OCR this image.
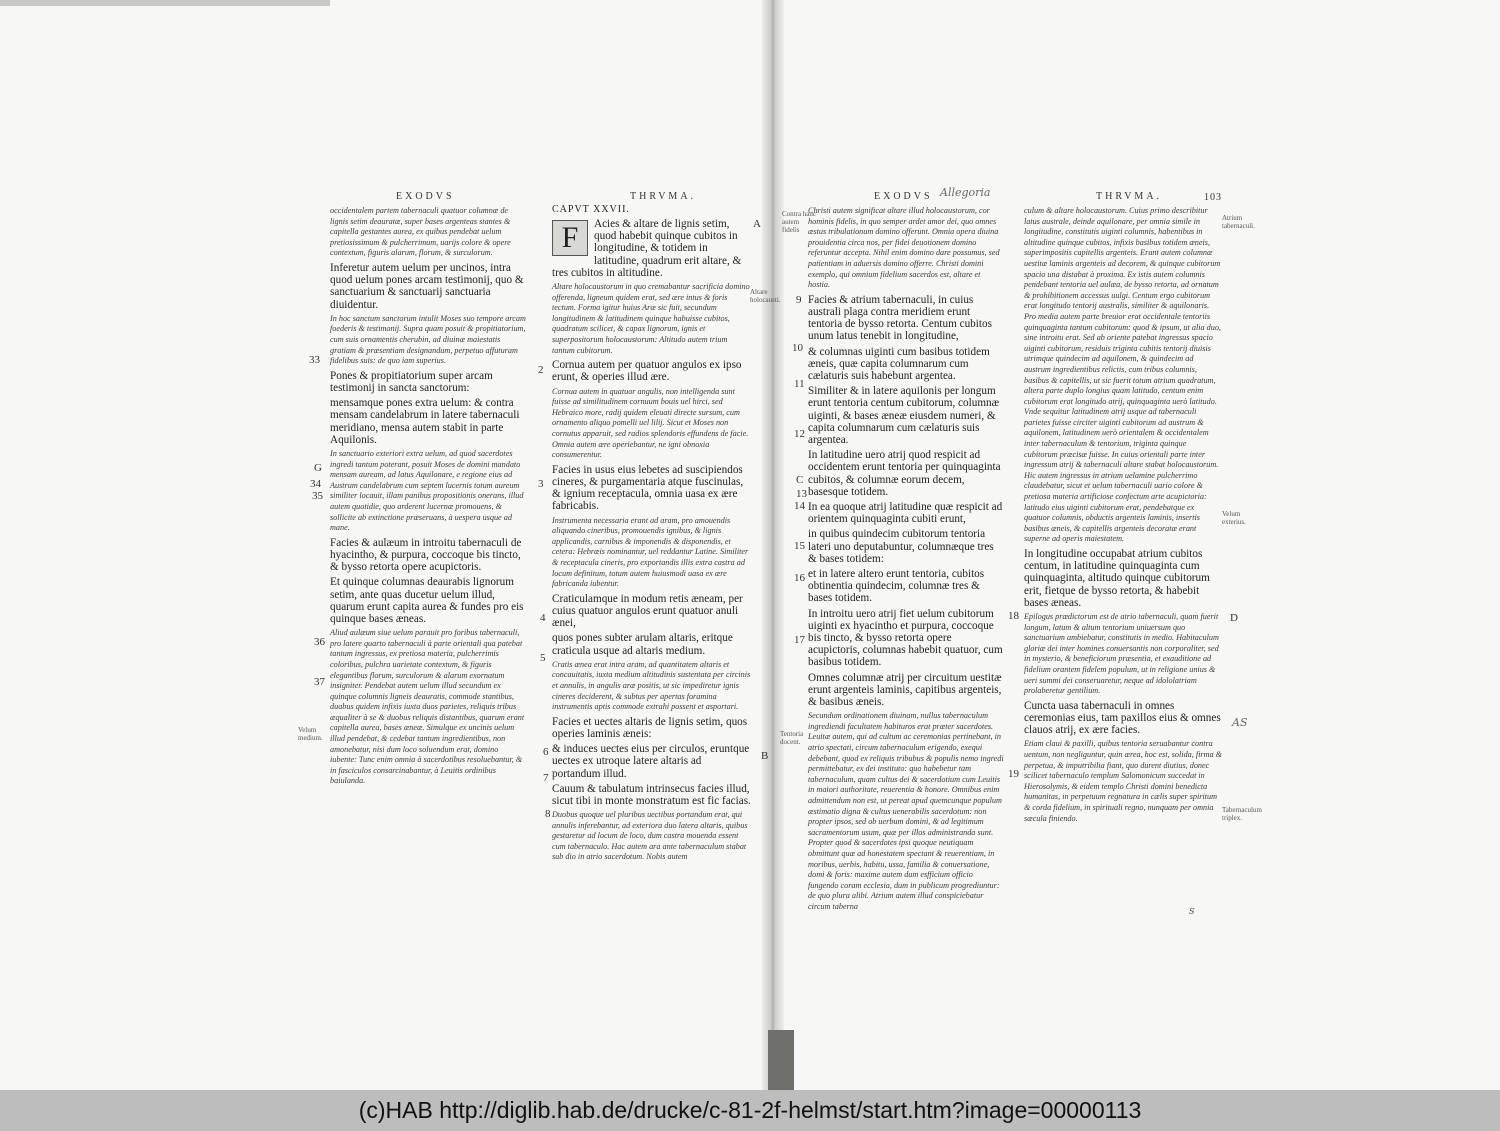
EXODVS	THRVMA.

occidentalem partem tabernaculi quatuor columnæ de lignis setim deauratæ, super bases argenteas stantes & capitella gestantes aurea, ex quibus pendebat uelum pretiosissimum & pulcherrimum, uarijs colore & opere contextum, figuris alarum, florum, & surculorum.

Inferetur autem uelum per uncinos, intra quod uelum pones arcam testimonij, quo & sanctuarium & sanctuarij sanctuaria diuidentur.

In hoc sanctum sanctorum intulit Moses suo tempore arcam foederis & testimonij. Supra quam posuit & propitiatorium, cum suis ornamentis cherubin, ad diuinæ maiestatis gratiam & præsentiam designandum, perpetuo affuturam fidelibus suis: de quo iam superius.

Pones & propitiatorium super arcam testimonij in sancta sanctorum:

mensamque pones extra uelum: & contra mensam candelabrum in latere tabernaculi meridiano, mensa autem stabit in parte Aquilonis.

In sanctuario exteriori extra uelum, ad quod sacerdotes ingredi tantum poterant, posuit Moses de domini mandato mensam auream, ad latus Aquilonare, e regione eius ad Austrum candelabrum cum septem lucernis totum aureum similiter locauit, illam panibus propositionis onerans, illud autem quotidie, quo arderent lucernæ promouens, & sollicite ab extinctione præseruans, à uespera usque ad mane.

Facies & aulæum in introitu tabernaculi de hyacintho, & purpura, coccoque bis tincto, & bysso retorta opere acupictoris.

Et quinque columnas deaurabis lignorum setim, ante quas ducetur uelum illud, quarum erunt capita aurea & fundes pro eis quinque bases æneas.

Aliud aulæum siue uelum parauit pro foribus tabernaculi, pro latere quarto tabernaculi à parte orientali qua patebat tantum ingressus, ex pretiosa materia, pulcherrimis coloribus, pulchra uarietate contextum, & figuris elegantibus florum, surculorum & alarum exornatum insigniter. Pendebat autem uelum illud secundum ex quinque columnis ligneis deauratis, commode stantibus, duabus quidem infixis iuxta duos parietes, reliquis tribus æqualiter à se & duobus reliquis distantibus, quarum erant capitella aurea, bases æneæ. Simulque ex uncinis uelum illud pendebat, & cedebat tantum ingredientibus, non amonebatur, nisi dum loco soluendum erat, domino iubente: Tunc enim omnia à sacerdotibus resoluebantur, & in fasciculos consarcinabantur, à Leuitis ordinibus baiulanda.

CAPVT XXVII.
F	Acies & altare de lignis setim, quod habebit quinque cubitos in longitudine, & totidem in latitudine, quadrum erit altare, & tres cubitos in altitudine.

Altare holocaustorum in quo cremabantur sacrificia domino offerenda, ligneum quidem erat, sed ære intus & foris tectum. Forma igitur huius Aræ sic fuit, secundum longitudinem & latitudinem quinque habuisse cubitos, quadratum scilicet, & capax lignorum, ignis et superpositorum holocaustorum: Altitudo autem trium tantum cubitorum.

Cornua autem per quatuor angulos ex ipso erunt, & operies illud ære.

Cornua autem in quatuor angulis, non intelligenda sunt fuisse ad similitudinem cornuum bouis uel hirci, sed Hebraico more, radij quidem eleuati directe sursum, cum ornamento aliquo pomelli uel lilij. Sicut et Moses non cornutus apparuit, sed radios splendoris effundens de facie. Omnia autem ære operiebantur, ne igni obnoxia consumerentur.

Facies in usus eius lebetes ad suscipiendos cineres, & purgamentaria atque fuscinulas, & ignium receptacula, omnia uasa ex ære fabricabis.

Instrumenta necessaria erant ad aram, pro amouendis aliquando cineribus, promouendis ignibus, & lignis applicandis, carnibus & imponendis & disponendis, et cetera: Hebræis nominantur, uel reddantur Latine. Similiter & receptacula cineris, pro exportandis illis extra castra ad locum definitum, totum autem huiusmodi uasa ex ære fabricanda iubentur.

Craticulamque in modum retis æneam, per cuius quatuor angulos erunt quatuor anuli ænei,

quos pones subter arulam altaris, eritque craticula usque ad altaris medium.

Cratis ænea erat intra aram, ad quantitatem altaris et concauitatis, iuxta medium altitudinis sustentata per circinis et annulis, in angulis aræ positis, ut sic impediretur ignis cineres deciderent, & subtus per apertas foramina instrumentis aptis commode extrahi possent et asportari.

Facies et uectes altaris de lignis setim, quos operies laminis æneis:

& induces uectes eius per circulos, eruntque uectes ex utroque latere altaris ad portandum illud.

Cauum & tabulatum intrinsecus facies illud, sicut tibi in monte monstratum est fic facias.

Duobus quoque uel pluribus uectibus portandum erat, qui annulis inferebantur, ad exteriora duo latera altaris, quibus gestaretur ad locum de loco, dum castra mouenda essent cum tabernaculo. Hac autem ara ante tabernaculum stabat sub dio in atrio sacerdotum. Nobis autem

33
G
34
35
36
37
Velum medium.
2
3
4
5
6
7
8
A
B
Altare holocausti.
EXODVS Allegoria	THRVMA.	103

Christi autem significat altare illud holocaustorum, cor hominis fidelis, in quo semper ardet amor dei, quo omnes æstus tribulationum domino offerunt. Omnia opera diuina prouidentia circa nos, per fidei deuotionem domino referuntur accepta. Nihil enim domino dare possumus, sed patientiam in aduersis domino offerre. Christi domini exemplo, qui omnium fidelium sacerdos est, altare et hostia.

Facies & atrium tabernaculi, in cuius australi plaga contra meridiem erunt tentoria de bysso retorta. Centum cubitos unum latus tenebit in longitudine,

& columnas uiginti cum basibus totidem æneis, quæ capita columnarum cum cælaturis suis habebunt argentea.

Similiter & in latere aquilonis per longum erunt tentoria centum cubitorum, columnæ uiginti, & bases æneæ eiusdem numeri, & capita columnarum cum cælaturis suis argentea.

In latitudine uero atrij quod respicit ad occidentem erunt tentoria per quinquaginta cubitos, & columnæ eorum decem, basesque totidem.

In ea quoque atrij latitudine quæ respicit ad orientem quinquaginta cubiti erunt,

in quibus quindecim cubitorum tentoria lateri uno deputabuntur, columnæque tres & bases totidem:

et in latere altero erunt tentoria, cubitos obtinentia quindecim, columnæ tres & bases totidem.

In introitu uero atrij fiet uelum cubitorum uiginti ex hyacintho et purpura, coccoque bis tincto, & bysso retorta opere acupictoris, columnas habebit quatuor, cum basibus totidem.

Omnes columnæ atrij per circuitum uestitæ erunt argenteis laminis, capitibus argenteis, & basibus æneis.

Secundum ordinationem diuinam, nullus tabernaculum ingrediendi facultatem habituros erat præter sacerdotes. Leuitæ autem, qui ad cultum ac ceremonias pertinebant, in atrio spectati, circum tabernaculum erigendo, exequi debebant, quod ex reliquis tribubus & populis nemo ingredi permittebatur, ex dei instituto: quo habebetur tam tabernaculum, quam cultus dei & sacerdotium cum Leuitis in maiori authoritate, reuerentia & honore. Omnibus enim admittendum non est, ut pereat apud quemcunque populum æstimatio digna & cultus uenerabilis sacerdotum: non propter ipsos, sed ob uerbum domini, & ad legitimum sacramentorum usum, quæ per illos administranda sunt. Propter quod & sacerdotes ipsi quoque neutiquam obmittunt quæ ad honestatem spectant & reuerentiam, in moribus, uerbis, habitu, ussa, familia & conuersatione, domi & foris: maxime autem dum esfficium officio fungendo coram ecclesia, dum in publicum progrediuntur: de quo plura alibi. Atrium autem illud conspiciebatur circum taberna

culum & altare holocaustorum. Cuius primo describitur latus australe, deinde aquilonare, per omnia simile in longitudine, constitutis uiginti columnis, habentibus in altitudine quinque cubitos, infixis basibus totidem æneis, superimpositis capitellis argenteis. Erant autem columnæ uestitæ laminis argenteis ad decorem, & quinque cubitorum spacio una distabat à proxima. Ex istis autem columnis pendebant tentoria uel aulæa, de bysso retorta, ad ornatum & prohibitionem accessus uulgi. Centum ergo cubitorum erat longitudo tentorij australis, similiter & aquilonaris. Pro media autem parte breuior erat occidentale tentoriis quinquaginta tantum cubitorum: quod & ipsum, ut alia duo, sine introitu erat. Sed ab oriente patebat ingressus spacio uiginti cubitorum, residuis triginta cubitis tentorij diuisis utrimque quindecim ad aquilonem, & quindecim ad austrum ingredientibus relictis, cum tribus columnis, basibus & capitellis, ut sic fuerit totum atrium quadratum, altera parte duplo longius quam latitudo, centum enim cubitorum erat longitudo atrij, quinquaginta uerò latitudo. Vnde sequitur latitudinem atrij usque ad tabernaculi parietes fuisse circiter uiginti cubitorum ad austrum & aquilonem, latitudinem uerò orientalem & occidentalem inter tabernaculum & tentorium, triginta quinque cubitorum præcisæ fuisse. In cuius orientali parte inter ingressum atrij & tabernaculi altare stabat holocaustorum. Hic autem ingressus in atrium uelamine pulcherrimo claudebatur, sicut et uelum tabernaculi uario colore & pretiosa materia artificiose confectum arte acupictoria: latitudo eius uiginti cubitorum erat, pendebatque ex quatuor columnis, obductis argenteis laminis, insertis basibus æneis, & capitellis argenteis decoratæ erant superne ad operis maiestatem.

In longitudine occupabat atrium cubitos centum, in latitudine quinquaginta cum quinquaginta, altitudo quinque cubitorum erit, fietque de bysso retorta, & habebit bases æneas.

Epilogus prædictorum est de atrio tabernaculi, quam fuerit longum, latum & altum tentorium uniuersum quo sanctuarium ambiebatur, constitutis in medio. Habitaculum gloriæ dei inter homines conuersantis non corporaliter, sed in mysterio, & beneficiorum præsentia, et exauditione ad fidelium orantem fidelem populum, ut in religione unius & ueri summi dei conseruaretur, neque ad idololatriam prolaberetur gentilium.

Cuncta uasa tabernaculi in omnes ceremonias eius, tam paxillos eius & omnes clauos atrij, ex ære facies.

Etiam claui & paxilli, quibus tentoria seruabantur contra uentum, non negliguntur, quin ærea, hoc est, solida, firma & perpetua, & imputribilia fiant, quo durent diutius, donec scilicet tabernaculo templum Salomonicum succedat in Hierosolymis, & eidem templo Christi domini benedicta humanitas, in perpetuum regnatura in cælis super spiritum & corda fidelium, in spirituali regno, nunquam per omnia sæcula finiendo.

s
AS
9
10
11
12
C
13
14
15
16
17
18
19
D
Contra hanc autem fidelis
Atrium tabernaculi.
Velum exterius.
Tentoria docent.
Tabernaculum triplex.
(c)HAB http://diglib.hab.de/drucke/c-81-2f-helmst/start.htm?image=00000113
